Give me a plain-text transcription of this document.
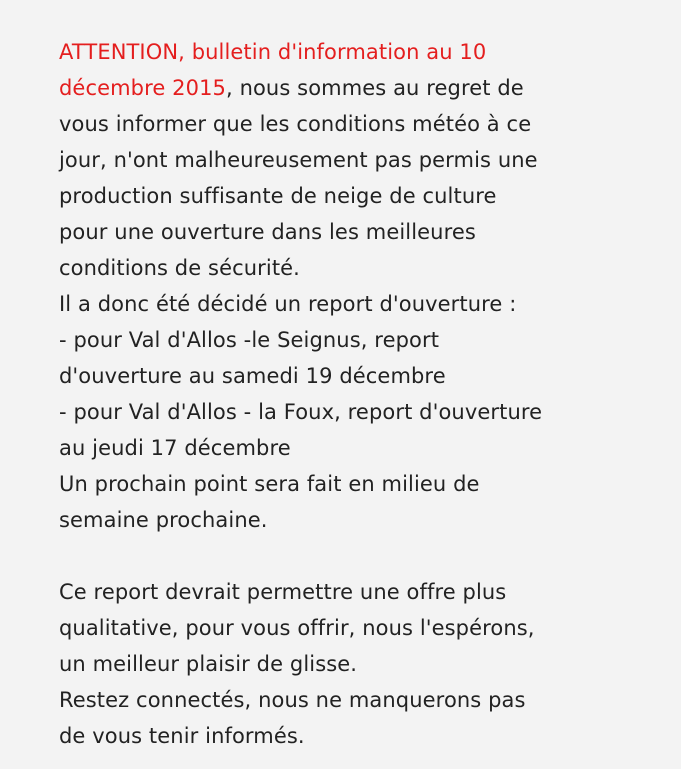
ATTENTION, bulletin d'information au 10
décembre 2015, nous sommes au regret de
vous informer que les conditions météo à ce
jour, n'ont malheureusement pas permis une
production suffisante de neige de culture
pour une ouverture dans les meilleures
conditions de sécurité.
Il a donc été décidé un report d'ouverture :
- pour Val d'Allos -le Seignus, report
d'ouverture au samedi 19 décembre
- pour Val d'Allos - la Foux, report d'ouverture
au jeudi 17 décembre
Un prochain point sera fait en milieu de
semaine prochaine.
Ce report devrait permettre une offre plus
qualitative, pour vous offrir, nous l'espérons,
un meilleur plaisir de glisse.
Restez connectés, nous ne manquerons pas
de vous tenir informés.
